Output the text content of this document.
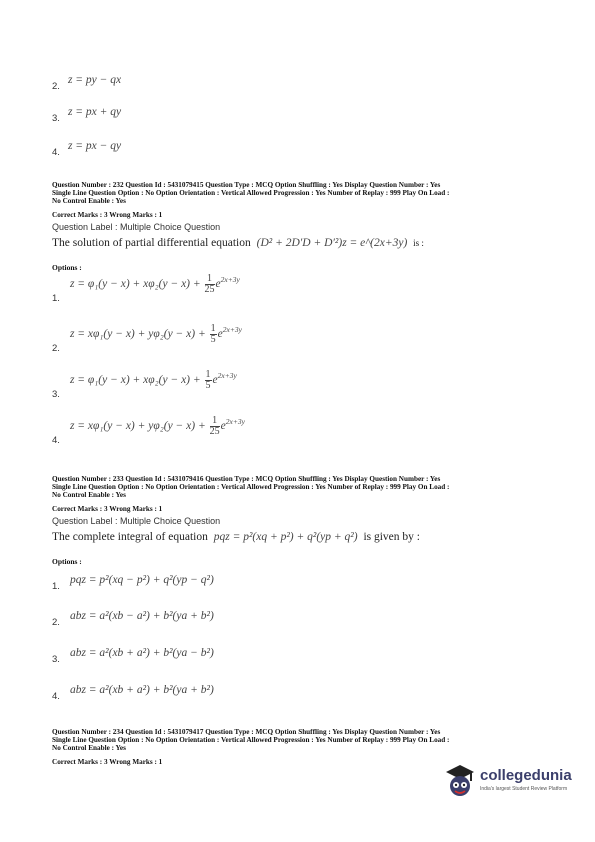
$_{2.}$ z = py − qx
$_{3.}$ z = px + qy
$_{4.}$ z = px − qy
Question Number : 232 Question Id : 5431079415 Question Type : MCQ Option Shuffling : Yes Display Question Number : Yes
Single Line Question Option : No Option Orientation : Vertical Allowed Progression : Yes Number of Replay : 999 Play On Load :
No Control Enable : Yes
Correct Marks : 3 Wrong Marks : 1
Question Label : Multiple Choice Question
The solution of partial differential equation (D² + 2D′D + D′²)z = e^(2x+3y) is :
Options :
$_{1.}$ $z = \varphi_1(y - x) + x\varphi_2(y - x) + \frac{1}{25} e^{2x+3y}$
$_{2.}$ $z = x\varphi_1(y - x) + y\varphi_2(y - x) + \frac{1}{5} e^{2x+3y}$
$_{3.}$ $z = \varphi_1(y - x) + x\varphi_2(y - x) + \frac{1}{5} e^{2x+3y}$
$_{4.}$ $z = x\varphi_1(y - x) + y\varphi_2(y - x) + \frac{1}{25} e^{2x+3y}$
Question Number : 233 Question Id : 5431079416 Question Type : MCQ Option Shuffling : Yes Display Question Number : Yes
Single Line Question Option : No Option Orientation : Vertical Allowed Progression : Yes Number of Replay : 999 Play On Load :
No Control Enable : Yes
Correct Marks : 3 Wrong Marks : 1
Question Label : Multiple Choice Question
The complete integral of equation pqz = p²(xq + p²) + q²(yp + q²) is given by :
Options :
$_{1.}$ pqz = p²(xq − p²) + q²(yp − q²)
$_{2.}$ abz = a²(xb − a²) + b²(ya + b²)
$_{3.}$ abz = a²(xb + a²) + b²(ya − b²)
$_{4.}$ abz = a²(xb + a²) + b²(ya + b²)
Question Number : 234 Question Id : 5431079417 Question Type : MCQ Option Shuffling : Yes Display Question Number : Yes
Single Line Question Option : No Option Orientation : Vertical Allowed Progression : Yes Number of Replay : 999 Play On Load :
No Control Enable : Yes
Correct Marks : 3 Wrong Marks : 1
collegedunia
India's largest Student Review Platform
